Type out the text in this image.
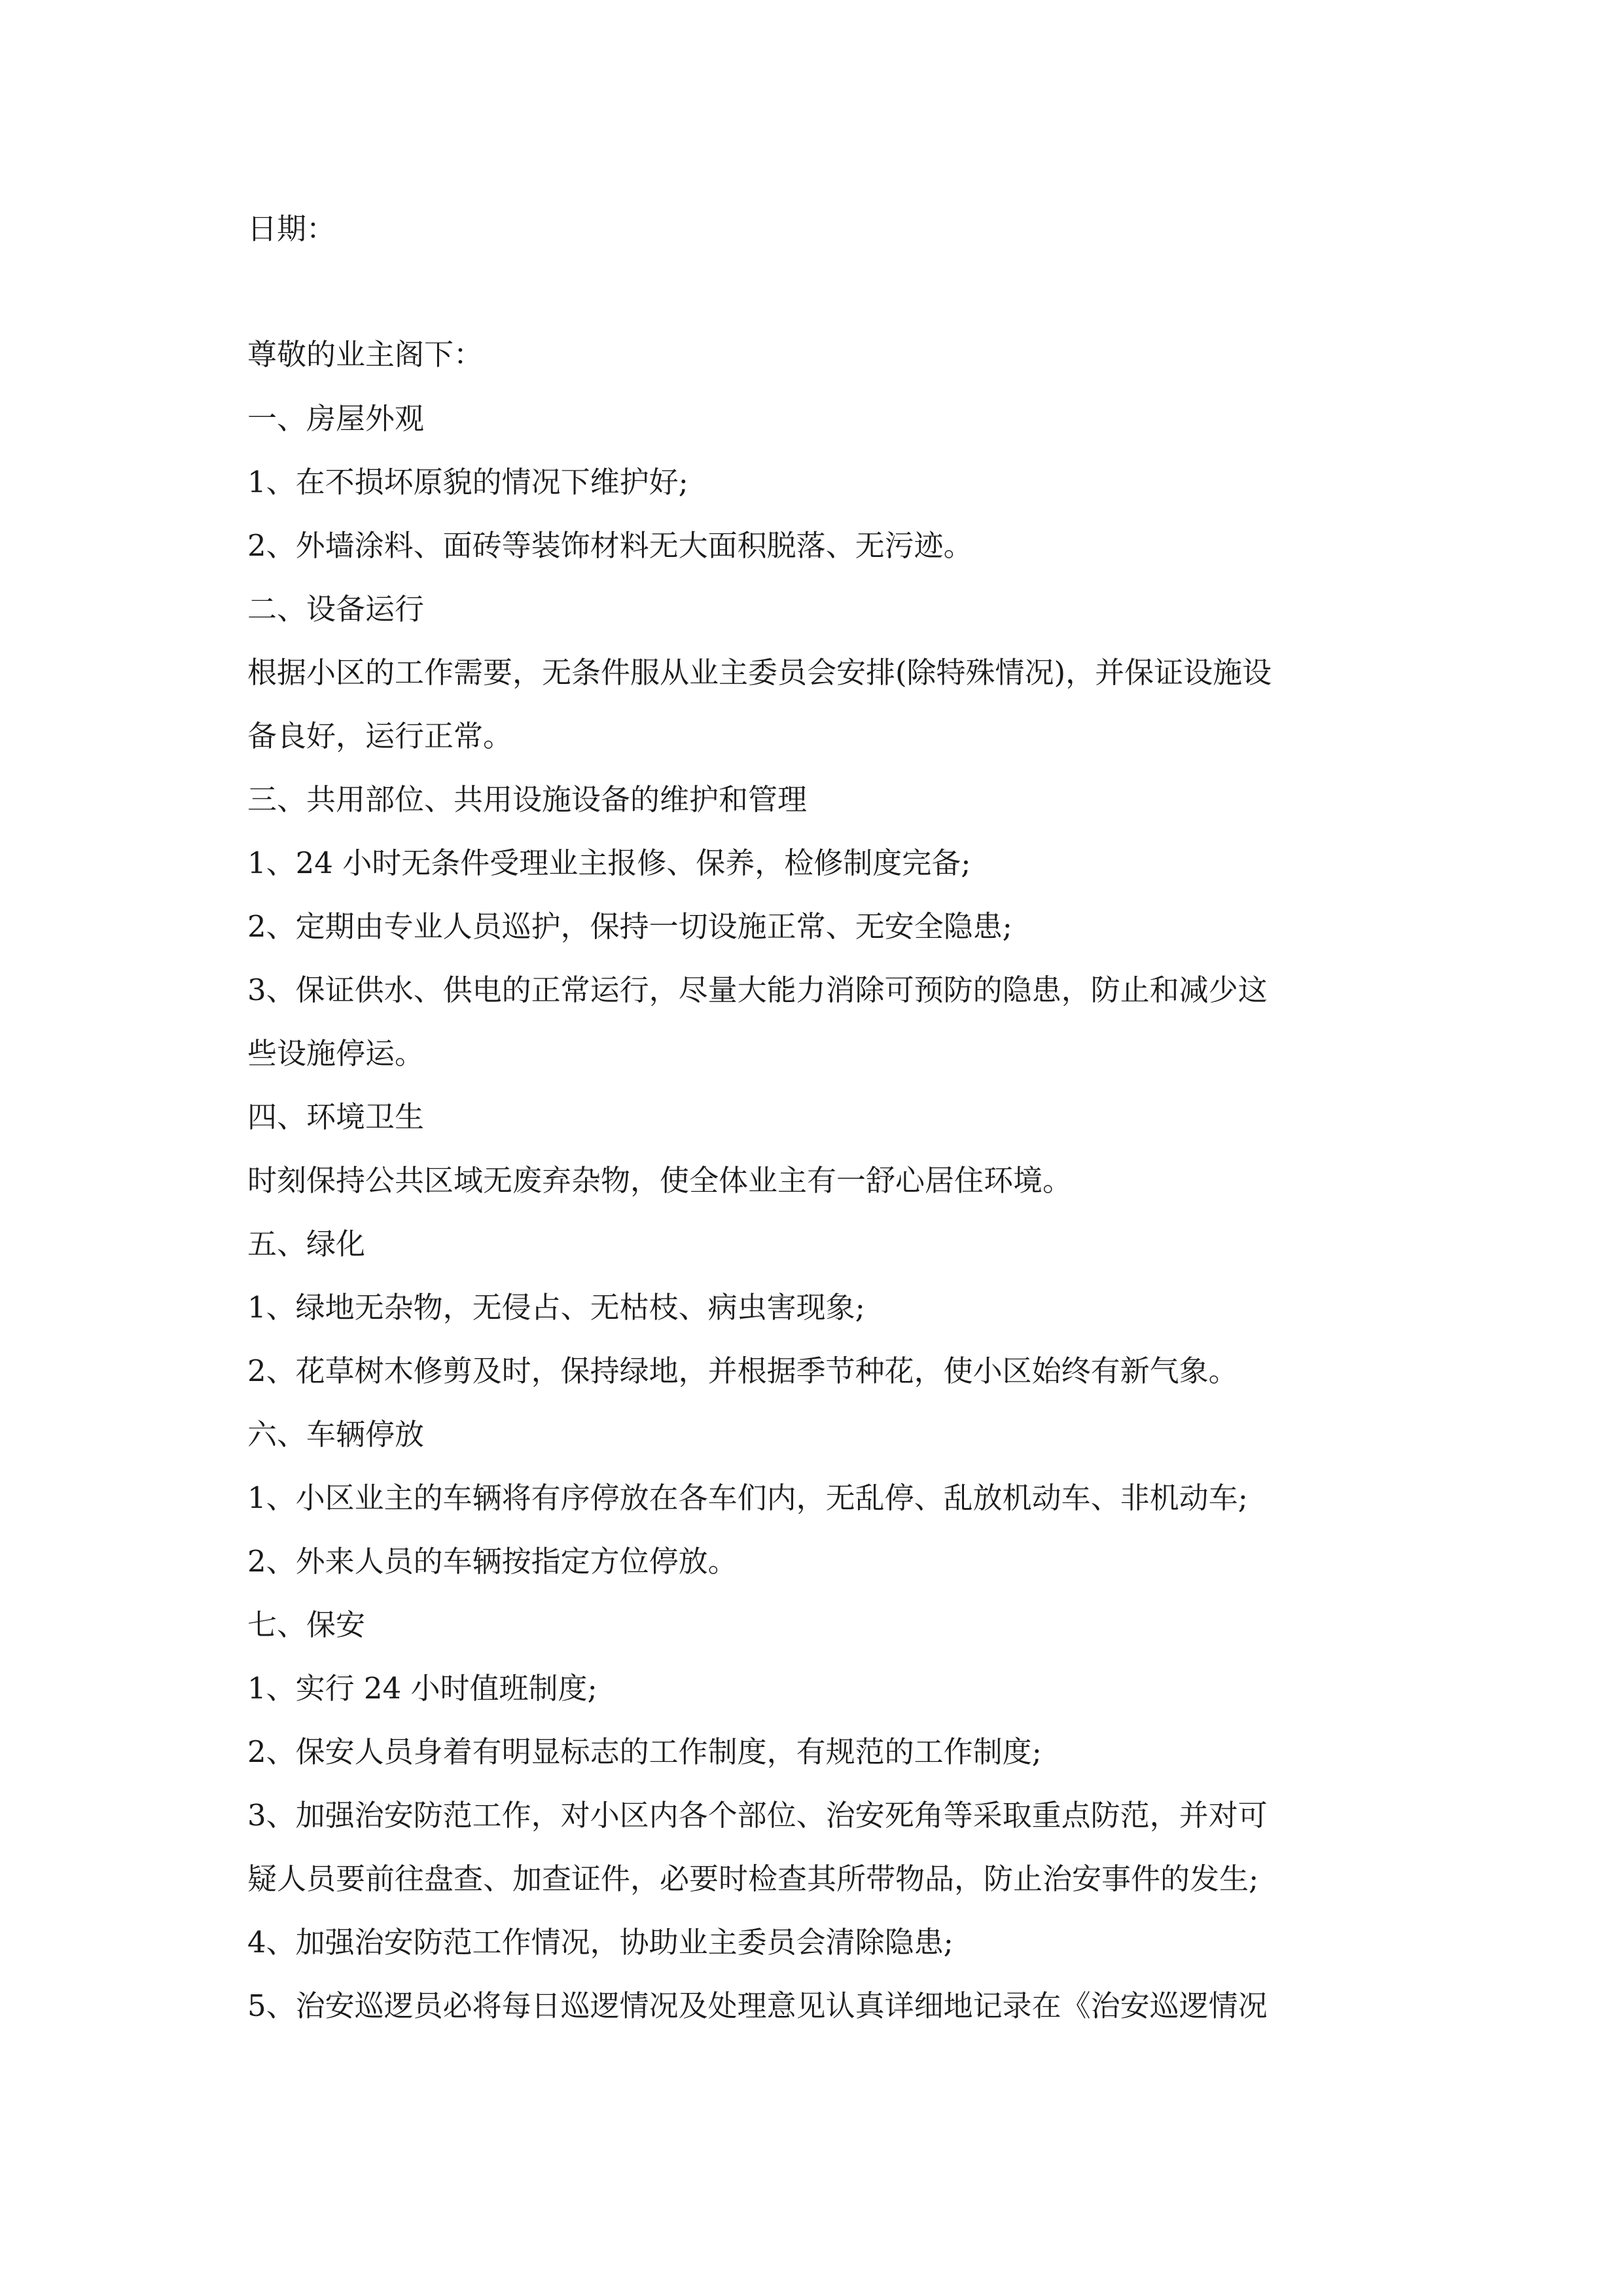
日期：
尊敬的业主阁下：
一、房屋外观
1、在不损坏原貌的情况下维护好;
2、外墙涂料、面砖等装饰材料无大面积脱落、无污迹。
二、设备运行
根据小区的工作需要，无条件服从业主委员会安排(除特殊情况)，并保证设施设
备良好，运行正常。
三、共用部位、共用设施设备的维护和管理
1、24 小时无条件受理业主报修、保养，检修制度完备;
2、定期由专业人员巡护，保持一切设施正常、无安全隐患;
3、保证供水、供电的正常运行，尽量大能力消除可预防的隐患，防止和减少这
些设施停运。
四、环境卫生
时刻保持公共区域无废弃杂物，使全体业主有一舒心居住环境。
五、绿化
1、绿地无杂物，无侵占、无枯枝、病虫害现象;
2、花草树木修剪及时，保持绿地，并根据季节种花，使小区始终有新气象。
六、车辆停放
1、小区业主的车辆将有序停放在各车们内，无乱停、乱放机动车、非机动车;
2、外来人员的车辆按指定方位停放。
七、保安
1、实行 24 小时值班制度;
2、保安人员身着有明显标志的工作制度，有规范的工作制度;
3、加强治安防范工作，对小区内各个部位、治安死角等采取重点防范，并对可
疑人员要前往盘查、加查证件，必要时检查其所带物品，防止治安事件的发生;
4、加强治安防范工作情况，协助业主委员会清除隐患;
5、治安巡逻员必将每日巡逻情况及处理意见认真详细地记录在《治安巡逻情况
